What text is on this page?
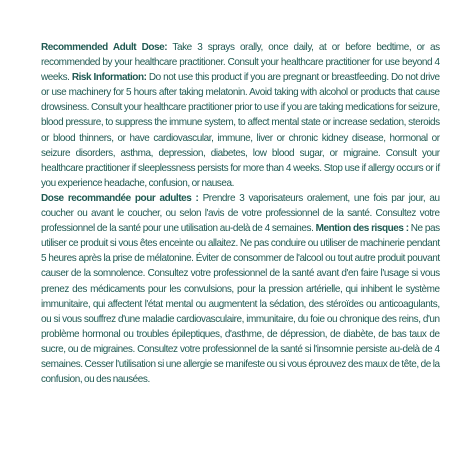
Recommended Adult Dose: Take 3 sprays orally, once daily, at or before bedtime, or as recommended by your healthcare practitioner. Consult your healthcare practitioner for use beyond 4 weeks. Risk Information: Do not use this product if you are pregnant or breastfeeding. Do not drive or use machinery for 5 hours after taking melatonin. Avoid taking with alcohol or products that cause drowsiness. Consult your healthcare practitioner prior to use if you are taking medications for seizure, blood pressure, to suppress the immune system, to affect mental state or increase sedation, steroids or blood thinners, or have cardiovascular, immune, liver or chronic kidney disease, hormonal or seizure disorders, asthma, depression, diabetes, low blood sugar, or migraine. Consult your healthcare practitioner if sleeplessness persists for more than 4 weeks. Stop use if allergy occurs or if you experience headache, confusion, or nausea.

Dose recommandée pour adultes : Prendre 3 vaporisateurs oralement, une fois par jour, au coucher ou avant le coucher, ou selon l'avis de votre professionnel de la santé. Consultez votre professionnel de la santé pour une utilisation au-delà de 4 semaines. Mention des risques : Ne pas utiliser ce produit si vous êtes enceinte ou allaitez. Ne pas conduire ou utiliser de machinerie pendant 5 heures après la prise de mélatonine. Éviter de consommer de l'alcool ou tout autre produit pouvant causer de la somnolence. Consultez votre professionnel de la santé avant d'en faire l'usage si vous prenez des médicaments pour les convulsions, pour la pression artérielle, qui inhibent le système immunitaire, qui affectent l'état mental ou augmentent la sédation, des stéroïdes ou anticoagulants, ou si vous souffrez d'une maladie cardiovasculaire, immunitaire, du foie ou chronique des reins, d'un problème hormonal ou troubles épileptiques, d'asthme, de dépression, de diabète, de bas taux de sucre, ou de migraines. Consultez votre professionnel de la santé si l'insomnie persiste au-delà de 4 semaines. Cesser l'utilisation si une allergie se manifeste ou si vous éprouvez des maux de tête, de la confusion, ou des nausées.
